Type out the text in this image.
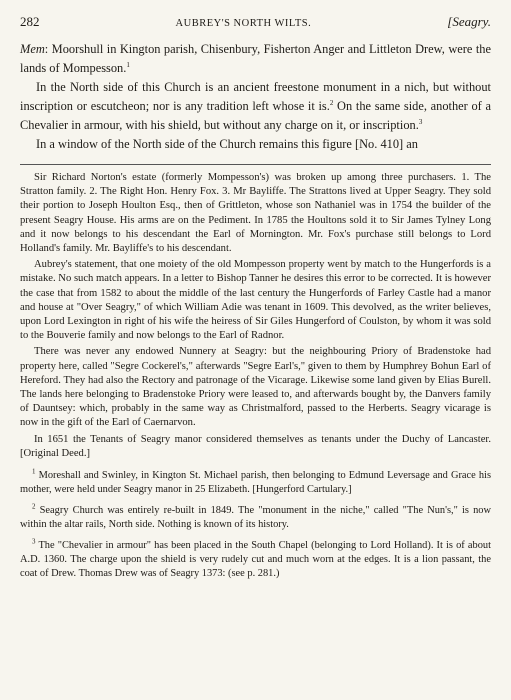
282	AUBREY'S NORTH WILTS.	[Seagry.

Mem: Moorshull in Kington parish, Chisenbury, Fisherton Anger and Littleton Drew, were the lands of Mompesson.$^1$

In the North side of this Church is an ancient freestone monument in a nich, but without inscription or escutcheon; nor is any tradition left whose it is.$^2$ On the same side, another of a Chevalier in armour, with his shield, but without any charge on it, or inscription.$^3$

In a window of the North side of the Church remains this figure [No. 410] an

Sir Richard Norton's estate (formerly Mompesson's) was broken up among three purchasers. 1. The Stratton family. 2. The Right Hon. Henry Fox. 3. Mr Bayliffe. The Strattons lived at Upper Seagry. They sold their portion to Joseph Houlton Esq., then of Grittleton, whose son Nathaniel was in 1754 the builder of the present Seagry House. His arms are on the Pediment. In 1785 the Houltons sold it to Sir James Tylney Long and it now belongs to his descendant the Earl of Mornington. Mr. Fox's purchase still belongs to Lord Holland's family. Mr. Bayliffe's to his descendant.

Aubrey's statement, that one moiety of the old Mompesson property went by match to the Hungerfords is a mistake. No such match appears. In a letter to Bishop Tanner he desires this error to be corrected. It is however the case that from 1582 to about the middle of the last century the Hungerfords of Farley Castle had a manor and house at "Over Seagry," of which William Adie was tenant in 1609. This devolved, as the writer believes, upon Lord Lexington in right of his wife the heiress of Sir Giles Hungerford of Coulston, by whom it was sold to the Bouverie family and now belongs to the Earl of Radnor.

There was never any endowed Nunnery at Seagry: but the neighbouring Priory of Bradenstoke had property here, called "Segre Cockerel's," afterwards "Segre Earl's," given to them by Humphrey Bohun Earl of Hereford. They had also the Rectory and patronage of the Vicarage. Likewise some land given by Elias Burell. The lands here belonging to Bradenstoke Priory were leased to, and afterwards bought by, the Danvers family of Dauntsey: which, probably in the same way as Christmalford, passed to the Herberts. Seagry vicarage is now in the gift of the Earl of Caernarvon.

In 1651 the Tenants of Seagry manor considered themselves as tenants under the Duchy of Lancaster. [Original Deed.]

$^1$ Moreshall and Swinley, in Kington St. Michael parish, then belonging to Edmund Leversage and Grace his mother, were held under Seagry manor in 25 Elizabeth. [Hungerford Cartulary.]

$^2$ Seagry Church was entirely re-built in 1849. The "monument in the niche," called "The Nun's," is now within the altar rails, North side. Nothing is known of its history.

$^3$ The "Chevalier in armour" has been placed in the South Chapel (belonging to Lord Holland). It is of about A.D. 1360. The charge upon the shield is very rudely cut and much worn at the edges. It is a lion passant, the coat of Drew. Thomas Drew was of Seagry 1373: (see p. 281.)
